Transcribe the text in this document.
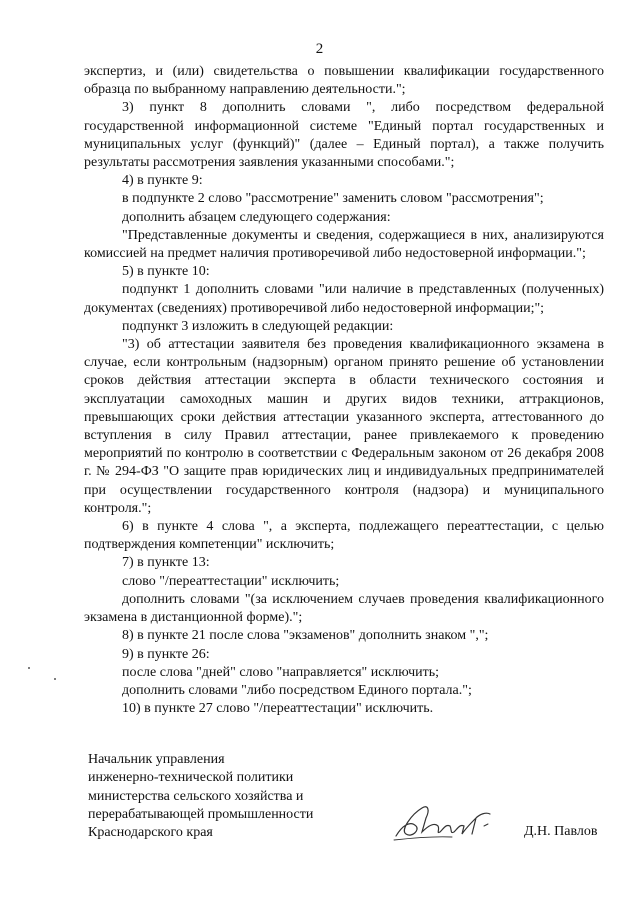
2

экспертиз, и (или) свидетельства о повышении квалификации государственного образца по выбранному направлению деятельности.";

3) пункт 8 дополнить словами ", либо посредством федеральной государственной информационной системе "Единый портал государственных и муниципальных услуг (функций)" (далее – Единый портал), а также получить результаты рассмотрения заявления указанными способами.";

4) в пункте 9:

в подпункте 2 слово "рассмотрение" заменить словом "рассмотрения";

дополнить абзацем следующего содержания:

"Представленные документы и сведения, содержащиеся в них, анализируются комиссией на предмет наличия противоречивой либо недостоверной информации.";

5) в пункте 10:

подпункт 1 дополнить словами "или наличие в представленных (полученных) документах (сведениях) противоречивой либо недостоверной информации;";

подпункт 3 изложить в следующей редакции:

"3) об аттестации заявителя без проведения квалификационного экзамена в случае, если контрольным (надзорным) органом принято решение об установлении сроков действия аттестации эксперта в области технического состояния и эксплуатации самоходных машин и других видов техники, аттракционов, превышающих сроки действия аттестации указанного эксперта, аттестованного до вступления в силу Правил аттестации, ранее привлекаемого к проведению мероприятий по контролю в соответствии с Федеральным законом от 26 декабря 2008 г. № 294-ФЗ "О защите прав юридических лиц и индивидуальных предпринимателей при осуществлении государственного контроля (надзора) и муниципального контроля.";

6) в пункте 4 слова ", а эксперта, подлежащего переаттестации, с целью подтверждения компетенции" исключить;

7) в пункте 13:

слово "/переаттестации" исключить;

дополнить словами "(за исключением случаев проведения квалификационного экзамена в дистанционной форме).";

8) в пункте 21 после слова "экзаменов" дополнить знаком ",";

9) в пункте 26:

после слова "дней" слово "направляется" исключить;

дополнить словами "либо посредством Единого портала.";

10) в пункте 27 слово "/переаттестации" исключить.

Начальник управления

инженерно-технической политики

министерства сельского хозяйства и

перерабатывающей промышленности

Краснодарского края	Д.Н. Павлов
